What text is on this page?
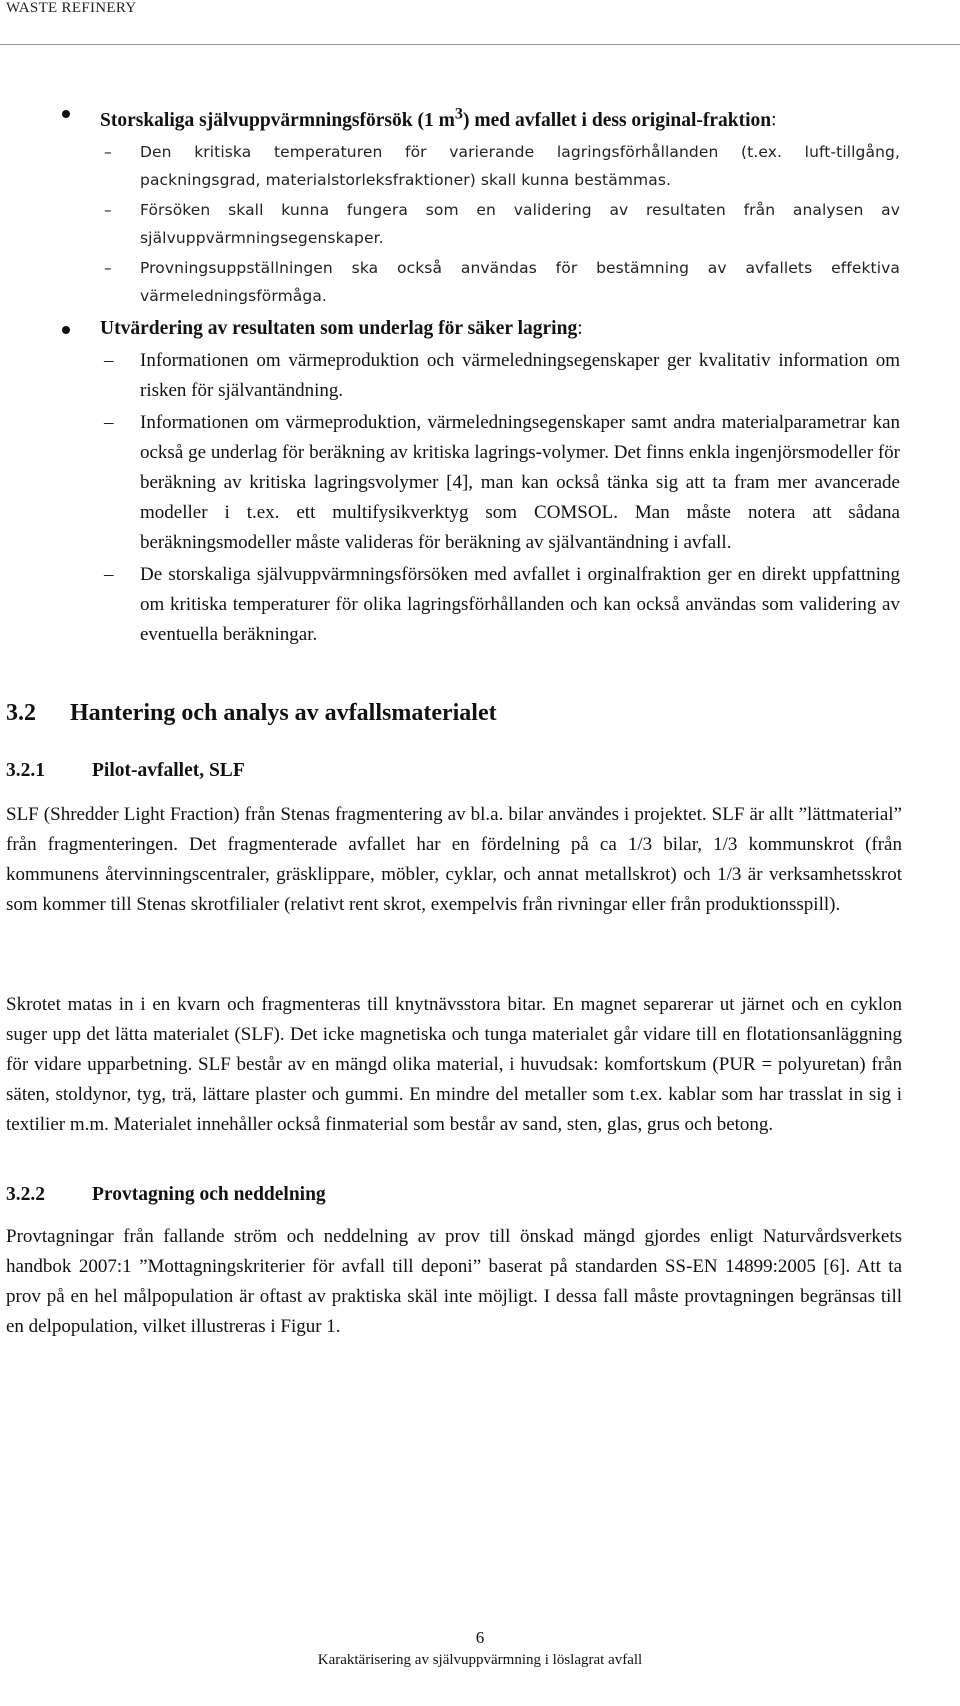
WASTE REFINERY
Storskaliga självuppvärmningsförsök (1 $m^3$) med avfallet i dess original-fraktion:
– Den kritiska temperaturen för varierande lagringsförhållanden (t.ex. luft-tillgång, packningsgrad, materialstorleksfraktioner) skall kunna bestämmas.
– Försöken skall kunna fungera som en validering av resultaten från analysen av självuppvärmningsegenskaper.
– Provningsuppställningen ska också användas för bestämning av avfallets effektiva värmeledningsförmåga.
Utvärdering av resultaten som underlag för säker lagring:
– Informationen om värmeproduktion och värmeledningsegenskaper ger kvalitativ information om risken för självantändning.
– Informationen om värmeproduktion, värmeledningsegenskaper samt andra materialparametrar kan också ge underlag för beräkning av kritiska lagrings-volymer. Det finns enkla ingenjörsmodeller för beräkning av kritiska lagringsvolymer [4], man kan också tänka sig att ta fram mer avancerade modeller i t.ex. ett multifysikverktyg som COMSOL. Man måste notera att sådana beräkningsmodeller måste valideras för beräkning av självantändning i avfall.
– De storskaliga självuppvärmningsförsöken med avfallet i orginalfraktion ger en direkt uppfattning om kritiska temperaturer för olika lagringsförhållanden och kan också användas som validering av eventuella beräkningar.
3.2 Hantering och analys av avfallsmaterialet
3.2.1 Pilot-avfallet, SLF
SLF (Shredder Light Fraction) från Stenas fragmentering av bl.a. bilar användes i projektet. SLF är allt ”lättmaterial” från fragmenteringen. Det fragmenterade avfallet har en fördelning på ca 1/3 bilar, 1/3 kommunskrot (från kommunens återvinningscentraler, gräsklippare, möbler, cyklar, och annat metallskrot) och 1/3 är verksamhetsskrot som kommer till Stenas skrotfilialer (relativt rent skrot, exempelvis från rivningar eller från produktionsspill).
Skrotet matas in i en kvarn och fragmenteras till knytnävsstora bitar. En magnet separerar ut järnet och en cyklon suger upp det lätta materialet (SLF). Det icke magnetiska och tunga materialet går vidare till en flotationsanläggning för vidare upparbetning. SLF består av en mängd olika material, i huvudsak: komfortskum (PUR = polyuretan) från säten, stoldynor, tyg, trä, lättare plaster och gummi. En mindre del metaller som t.ex. kablar som har trasslat in sig i textilier m.m. Materialet innehåller också finmaterial som består av sand, sten, glas, grus och betong.
3.2.2 Provtagning och neddelning
Provtagningar från fallande ström och neddelning av prov till önskad mängd gjordes enligt Naturvårdsverkets handbok 2007:1 ”Mottagningskriterier för avfall till deponi” baserat på standarden SS-EN 14899:2005 [6]. Att ta prov på en hel målpopulation är oftast av praktiska skäl inte möjligt. I dessa fall måste provtagningen begränsas till en delpopulation, vilket illustreras i Figur 1.
6
Karaktärisering av självuppvärmning i löslagrat avfall
